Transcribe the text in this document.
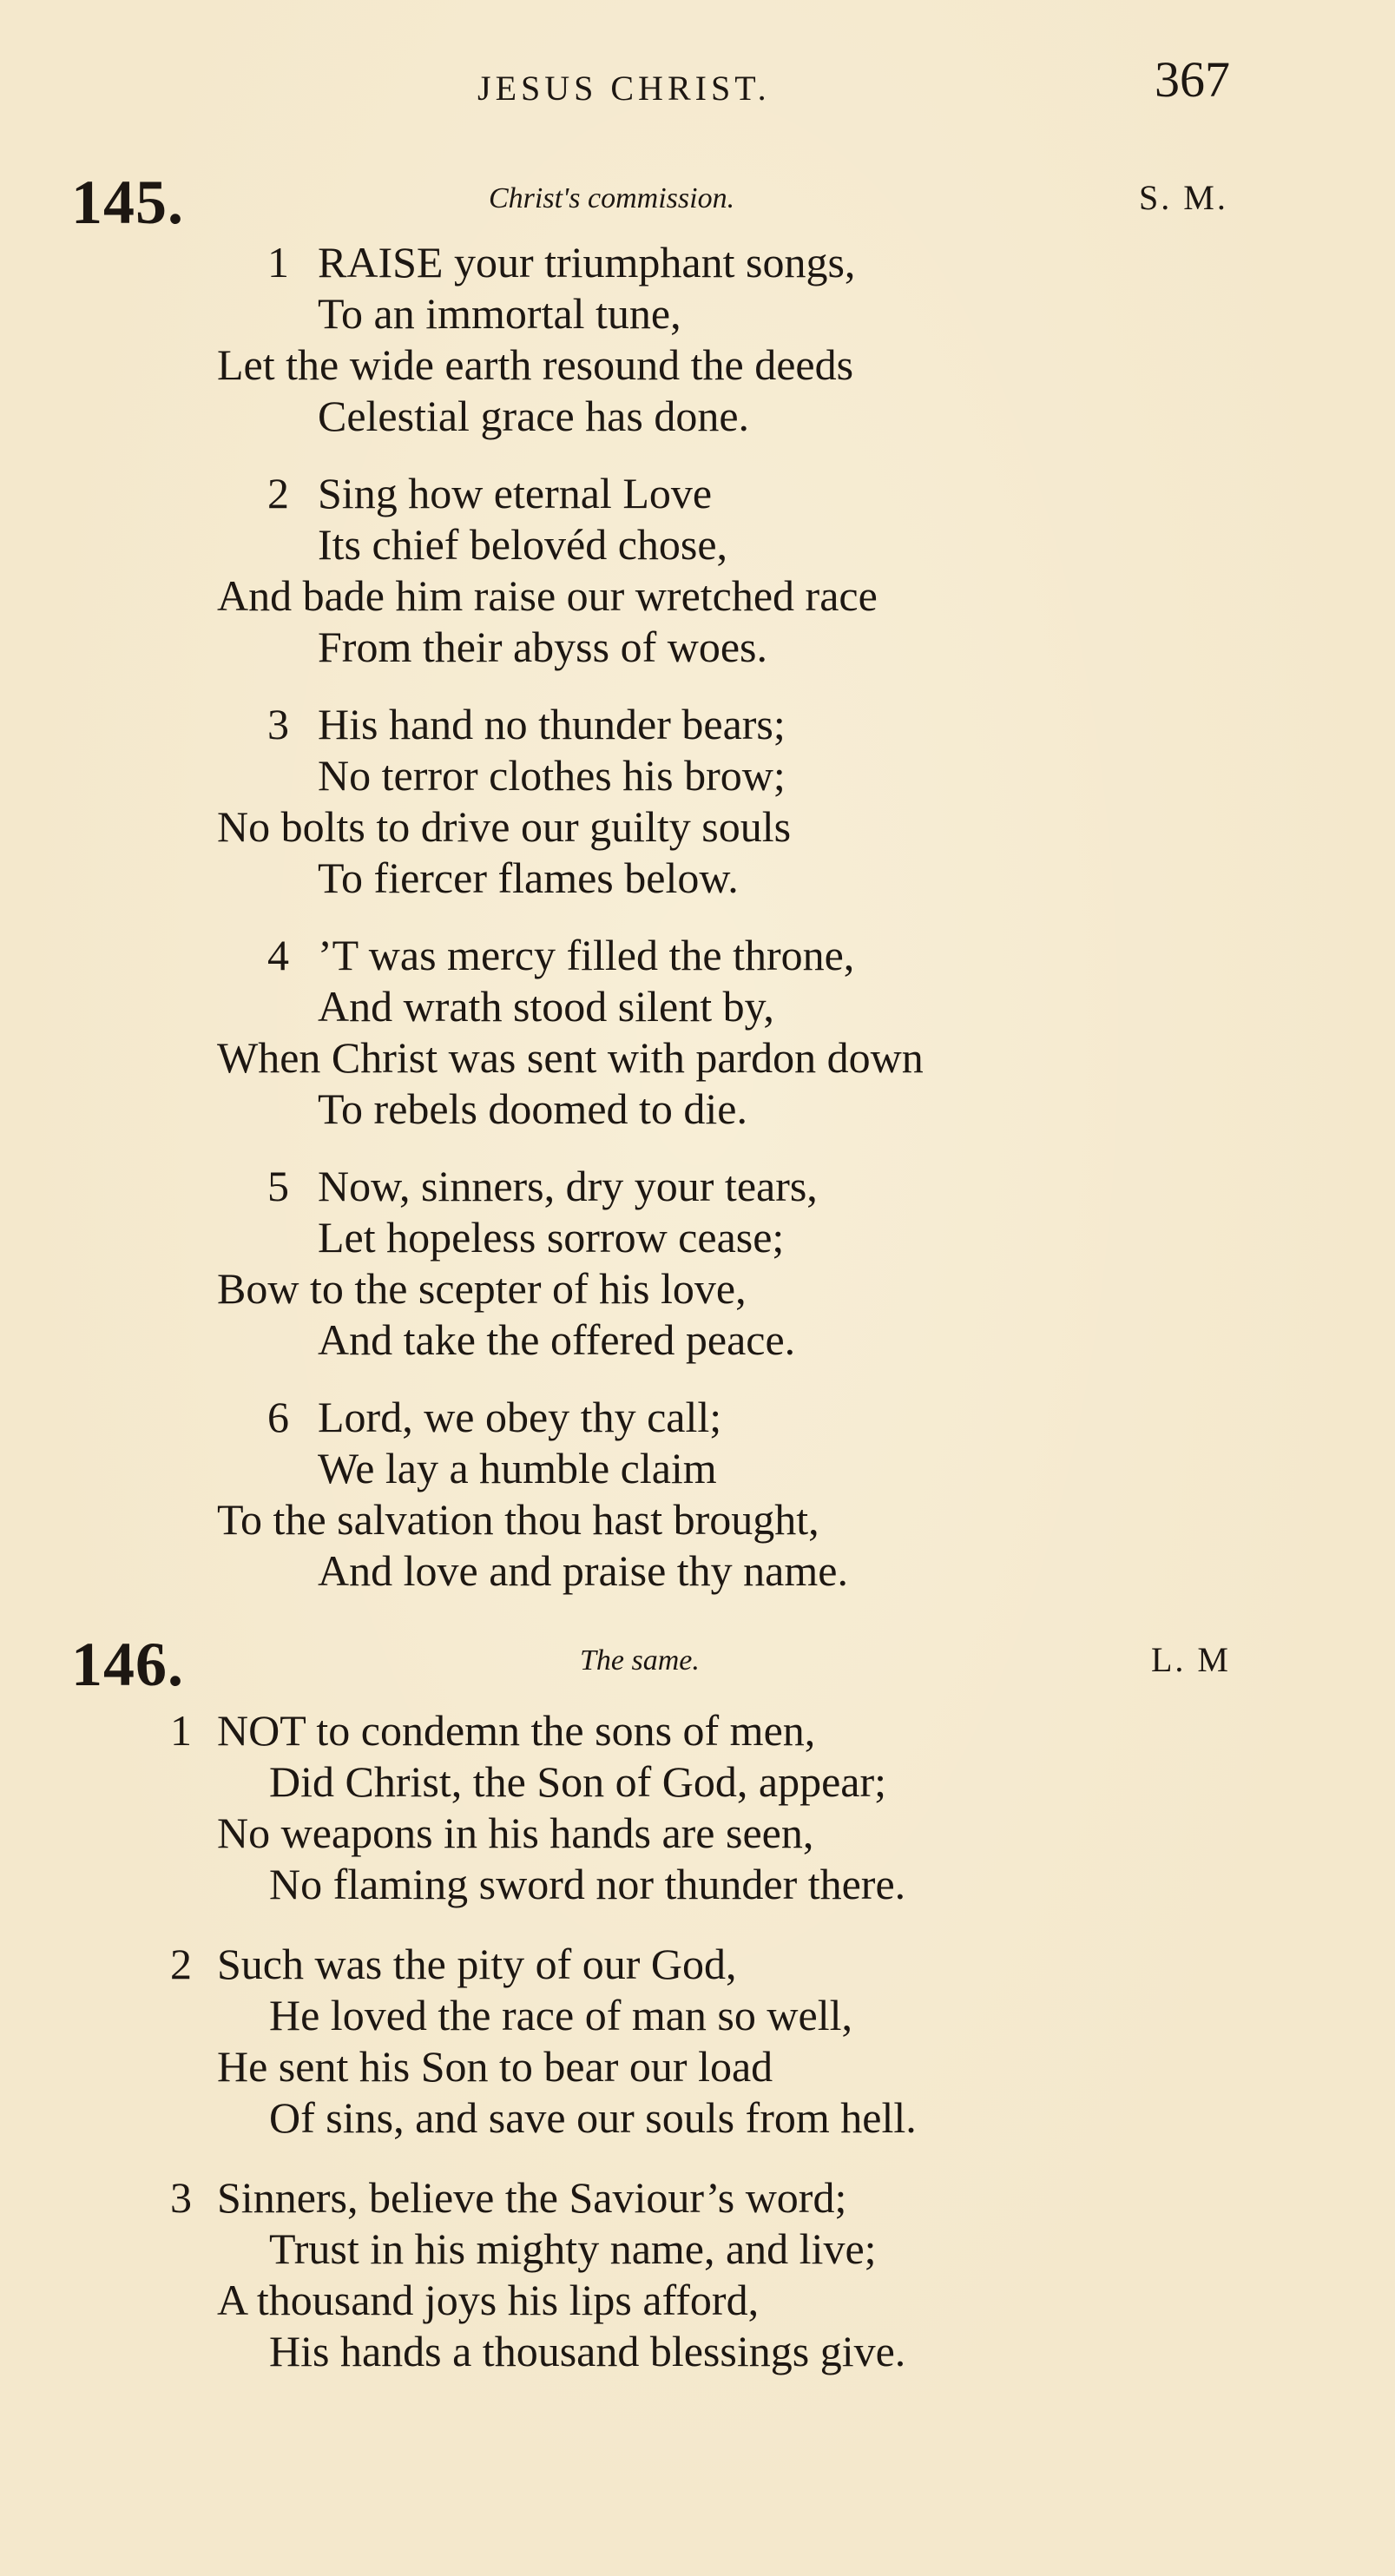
JESUS CHRIST.	367
145.	Christ's commission.	S. M.
1 RAISE your triumphant songs,
To an immortal tune,
Let the wide earth resound the deeds
Celestial grace has done.
2 Sing how eternal Love
Its chief belovéd chose,
And bade him raise our wretched race
From their abyss of woes.
3 His hand no thunder bears;
No terror clothes his brow;
No bolts to drive our guilty souls
To fiercer flames below.
4 ’T was mercy filled the throne,
And wrath stood silent by,
When Christ was sent with pardon down
To rebels doomed to die.
5 Now, sinners, dry your tears,
Let hopeless sorrow cease;
Bow to the scepter of his love,
And take the offered peace.
6 Lord, we obey thy call;
We lay a humble claim
To the salvation thou hast brought,
And love and praise thy name.
146.	The same.	L. M
1 NOT to condemn the sons of men,
Did Christ, the Son of God, appear;
No weapons in his hands are seen,
No flaming sword nor thunder there.
2 Such was the pity of our God,
He loved the race of man so well,
He sent his Son to bear our load
Of sins, and save our souls from hell.
3 Sinners, believe the Saviour’s word;
Trust in his mighty name, and live;
A thousand joys his lips afford,
His hands a thousand blessings give.
